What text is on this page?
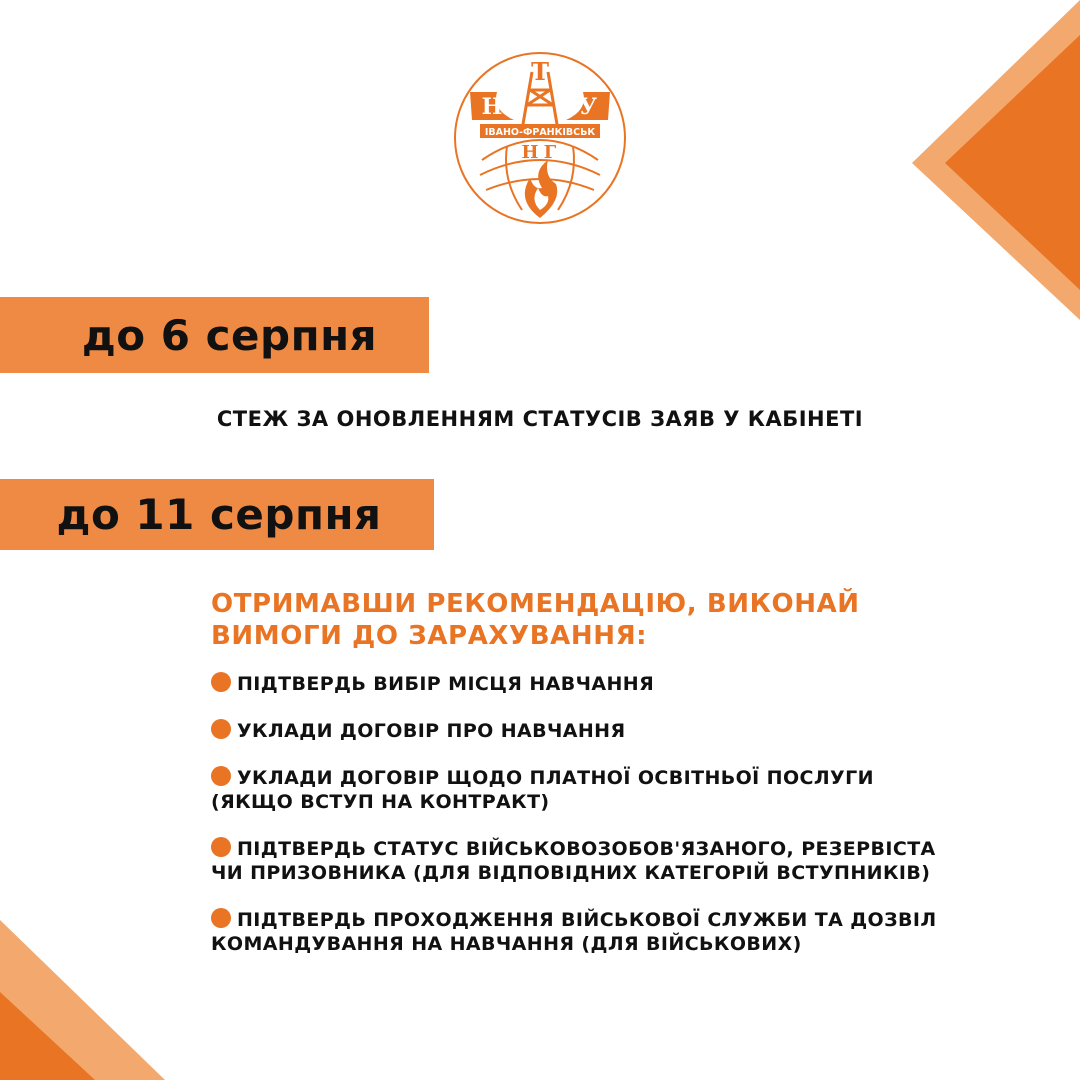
Т
Н	У
ІВАНО-ФРАНКІВСЬК
Н Г
до 6 серпня
СТЕЖ ЗА ОНОВЛЕННЯМ СТАТУСІВ ЗАЯВ У КАБІНЕТІ
до 11 серпня
ОТРИМАВШИ РЕКОМЕНДАЦІЮ, ВИКОНАЙ ВИМОГИ ДО ЗАРАХУВАННЯ:
ПІДТВЕРДЬ ВИБІР МІСЦЯ НАВЧАННЯ
УКЛАДИ ДОГОВІР ПРО НАВЧАННЯ
УКЛАДИ ДОГОВІР ЩОДО ПЛАТНОЇ ОСВІТНЬОЇ ПОСЛУГИ (ЯКЩО ВСТУП НА КОНТРАКТ)
ПІДТВЕРДЬ СТАТУС ВІЙСЬКОВОЗОБОВ'ЯЗАНОГО, РЕЗЕРВІСТА ЧИ ПРИЗОВНИКА (ДЛЯ ВІДПОВІДНИХ КАТЕГОРІЙ ВСТУПНИКІВ)
ПІДТВЕРДЬ ПРОХОДЖЕННЯ ВІЙСЬКОВОЇ СЛУЖБИ ТА ДОЗВІЛ КОМАНДУВАННЯ НА НАВЧАННЯ (ДЛЯ ВІЙСЬКОВИХ)
